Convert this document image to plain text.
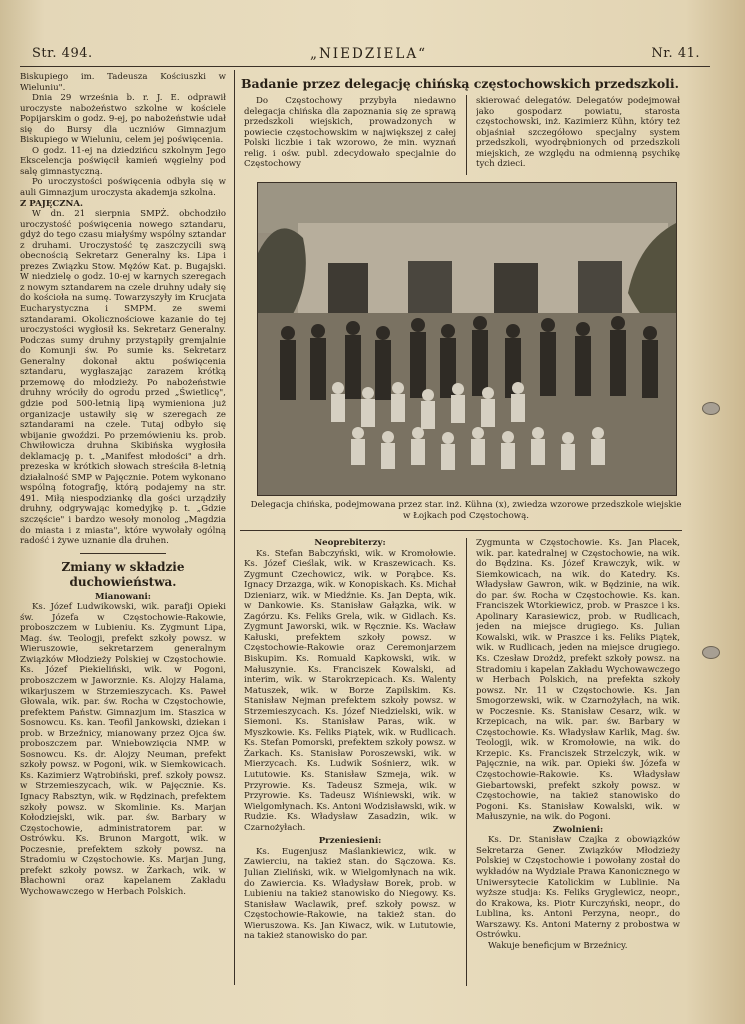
Str. 494.	„NIEDZIELA“	Nr. 41.

Biskupiego im. Tadeusza Kościuszki w Wieluniu".

Dnia 29 września b. r. J. E. odprawił uroczyste nabożeństwo szkolne w kościele Popijarskim o godz. 9-ej, po nabożeństwie udał się do Bursy dla uczniów Gimnazjum Biskupiego w Wieluniu, celem jej poświęcenia.

O godz. 11-ej na dziedzińcu szkolnym Jego Ekscelencja poświęcił kamień węgielny pod salę gimnastyczną.

Po uroczystości poświęcenia odbyła się w auli Gimnazjum uroczysta akademja szkolna.

Z PAJĘCZNA.

W dn. 21 sierpnia SMPŻ. obchodziło uroczystość poświęcenia nowego sztandaru, gdyż do tego czasu miałyśmy wspólny sztandar z druhami. Uroczystość tę zaszczycili swą obecnością Sekretarz Generalny ks. Lipa i prezes Związku Stow. Mężów Kat. p. Bugajski. W niedzielę o godz. 10-ej w karnych szeregach z nowym sztandarem na czele druhny udały się do kościoła na sumę. Towarzyszyły im Krucjata Eucharystyczna i SMPM. ze swemi sztandarami. Okolicznościowe kazanie do tej uroczystości wygłosił ks. Sekretarz Generalny. Podczas sumy druhny przystąpiły gremjalnie do Komunji św. Po sumie ks. Sekretarz Generalny dokonał aktu poświęcenia sztandaru, wygłaszając zarazem krótką przemowę do młodzieży. Po nabożeństwie druhny wróciły do ogrodu przed „Świetlicę", gdzie pod 500-letnią lipą wymieniona już organizacje ustawiły się w szeregach ze sztandarami na czele. Tutaj odbyło się wbijanie gwoździ. Po przemówieniu ks. prob. Chwiłowicza druhna Skibińska wygłosiła deklamację p. t. „Manifest młodości" a drh. prezeska w krótkich słowach streściła 8-letnią działalność SMP w Pajęcznie. Potem wykonano wspólną fotografję, którą podajemy na str. 491. Miłą niespodziankę dla gości urządziły druhny, odgrywając komedyjkę p. t. „Gdzie szczęście" i bardzo wesoły monolog „Magdzia do miasta i z miasta", które wywołały ogólną radość i żywe uznanie dla druhen.

Zmiany w składzie duchowieństwa.

Mianowani:

Ks. Józef Ludwikowski, wik. parafji Opieki św. Józefa w Częstochowie-Rakowie, proboszczem w Lubieniu. Ks. Zygmunt Lipa, Mag. św. Teologji, prefekt szkoły powsz. w Wieruszowie, sekretarzem generalnym Związków Młodzieży Polskiej w Częstochowie. Ks. Józef Piekieliński, wik. w Pogoni, proboszczem w Jaworznie. Ks. Alojzy Halama, wikarjuszem w Strzemieszycach. Ks. Paweł Głowala, wik. par. św. Rocha w Częstochowie, prefektem Państw. Gimnazjum im. Staszica w Sosnowcu. Ks. kan. Teofil Jankowski, dziekan i prob. w Brzeźnicy, mianowany przez Ojca św. proboszczem par. Wniebowzięcia NMP. w Sosnowcu. Ks. dr. Alojzy Neuman, prefekt szkoły powsz. w Pogoni, wik. w Siemkowicach. Ks. Kazimierz Wątrobiński, pref. szkoły powsz. w Strzemieszycach, wik. w Pajęcznie. Ks. Ignacy Rabsztyn, wik. w Rędzinach, prefektem szkoły powsz. w Skomlinie. Ks. Marjan Kołodziejski, wik. par. św. Barbary w Częstochowie, administratorem par. w Ostrówku. Ks. Brunon Margott, wik. w Poczesnie, prefektem szkoły powsz. na Stradomiu w Częstochowie. Ks. Marjan Jung, prefekt szkoły powsz. w Żarkach, wik. w Błachowni oraz kapelanem Zakładu Wychowawczego w Herbach Polskich.

Badanie przez delegację chińską częstochowskich przedszkoli.

Do Częstochowy przybyła niedawno delegacja chińska dla zapoznania się ze sprawą przedszkoli wiejskich, prowadzonych w powiecie częstochowskim w największej z całej Polski liczbie i tak wzorowo, że min. wyznań relig. i ośw. publ. zdecydowało specjalnie do Częstochowy

skierować delegatów. Delegatów podejmował jako gospodarz powiatu, starosta częstochowski, inż. Kazimierz Kühn, który też objaśniał szczegółowo specjalny system przedszkoli, wyodrębnionych od przedszkoli miejskich, ze względu na odmienną psychikę tych dzieci.

Delegacja chińska, podejmowana przez star. inż. Kühna (x), zwiedza wzorowe przedszkole wiejskie w Łojkach pod Częstochową.

Neoprebiterzy:

Ks. Stefan Babczyński, wik. w Kromołowie. Ks. Józef Cieślak, wik. w Kraszewicach. Ks. Zygmunt Czechowicz, wik. w Porąbce. Ks. Ignacy Drzazga, wik. w Konopiskach. Ks. Michał Dzieniarz, wik. w Miedźnie. Ks. Jan Depta, wik. w Dankowie. Ks. Stanisław Gałązka, wik. w Zagórzu. Ks. Feliks Grela, wik. w Gidlach. Ks. Zygmunt Jaworski, wik. w Ręcznie. Ks. Wacław Kałuski, prefektem szkoły powsz. w Częstochowie-Rakowie oraz Ceremonjarzem Biskupim. Ks. Romuald Kapkowski, wik. w Małuszynie. Ks. Franciszek Kowalski, ad interim, wik. w Starokrzepicach. Ks. Walenty Matuszek, wik. w Borze Zapilskim. Ks. Stanisław Nejman prefektem szkoły powsz. w Strzemieszycach. Ks. Józef Niedzielski, wik. w Siemoni. Ks. Stanisław Paras, wik. w Myszkowie. Ks. Feliks Piątek, wik. w Rudlicach. Ks. Stefan Pomorski, prefektem szkoły powsz. w Żarkach. Ks. Stanisław Poroszewski, wik. w Mierzycach. Ks. Ludwik Sośnierz, wik. w Lututowie. Ks. Stanisław Szmeja, wik. w Przyrowie. Ks. Tadeusz Szmeja, wik. w Przyrowie. Ks. Tadeusz Wiśniewski, wik. w Wielgomłynach. Ks. Antoni Wodzisławski, wik. w Rudzie. Ks. Władysław Zasadzin, wik. w Czarnożyłach.

Przeniesieni:

Ks. Eugenjusz Maślankiewicz, wik. w Zawierciu, na takież stan. do Sączowa. Ks. Julian Zieliński, wik. w Wielgomłynach na wik. do Zawiercia. Ks. Władysław Borek, prob. w Lubieniu na takież stanowisko do Niegowy. Ks. Stanisław Waclawik, pref. szkoły powsz. w Częstochowie-Rakowie, na takież stan. do Wieruszowa. Ks. Jan Kiwacz, wik. w Lututowie, na takież stanowisko do par.

Zygmunta w Częstochowie. Ks. Jan Placek, wik. par. katedralnej w Częstochowie, na wik. do Będzina. Ks. Józef Krawczyk, wik. w Siemkowicach, na wik. do Katedry. Ks. Władysław Gawron, wik. w Będzinie, na wik. do par. św. Rocha w Częstochowie. Ks. kan. Franciszek Wtorkiewicz, prob. w Praszce i ks. Apolinary Karasiewicz, prob. w Rudlicach, jeden na miejsce drugiego. Ks. Julian Kowalski, wik. w Praszce i ks. Feliks Piątek, wik. w Rudlicach, jeden na miejsce drugiego. Ks. Czesław Drożdż, prefekt szkoły powsz. na Stradomiu i kapelan Zakładu Wychowawczego w Herbach Polskich, na prefekta szkoły powsz. Nr. 11 w Częstochowie. Ks. Jan Smogorzewski, wik. w Czarnożyłach, na wik. w Poczesnie. Ks. Stanisław Cesarz, wik. w Krzepicach, na wik. par. św. Barbary w Częstochowie. Ks. Władysław Karlik, Mag. św. Teologji, wik. w Kromołowie, na wik. do Krzepic. Ks. Franciszek Strzelczyk, wik. w Pajęcznie, na wik. par. Opieki św. Józefa w Częstochowie-Rakowie. Ks. Władysław Giebartowski, prefekt szkoły powsz. w Częstochowie, na takież stanowisko do Pogoni. Ks. Stanisław Kowalski, wik. w Małuszynie, na wik. do Pogoni.

Zwolnieni:

Ks. Dr. Stanisław Czajka z obowiązków Sekretarza Gener. Związków Młodzieży Polskiej w Częstochowie i powołany został do wykładów na Wydziale Prawa Kanonicznego w Uniwersytecie Katolickim w Lublinie. Na wyższe studja: Ks. Feliks Gryglewicz, neopr., do Krakowa, ks. Piotr Kurczyński, neopr., do Lublina, ks. Antoni Perzyna, neopr., do Warszawy. Ks. Antoni Materny z probostwa w Ostrówku.

Wakuje beneficjum w Brzeźnicy.
